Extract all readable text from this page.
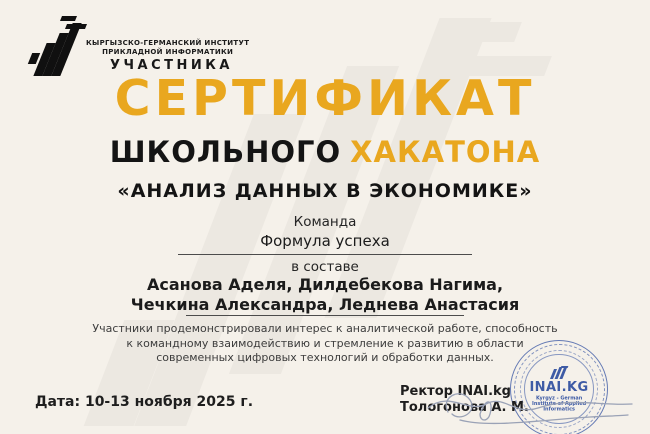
КЫРГЫЗСКО-ГЕРМАНСКИЙ ИНСТИТУТ
ПРИКЛАДНОЙ ИНФОРМАТИКИ
УЧАСТНИКА
СЕРТИФИКАТ
ШКОЛЬНОГО ХАКАТОНА
«АНАЛИЗ ДАННЫХ В ЭКОНОМИКЕ»
Команда
Формула успеха
в составе
Асанова Аделя, Дилдебекова Нагима,
Чечкина Александра, Леднева Анастасия
Участники продемонстрировали интерес к аналитической работе, способность
к командному взаимодействию и стремление к развитию в области
современных цифровых технологий и обработки данных.
Дата: 10-13 ноября 2025 г.
Ректор INAI.kg
Тологонова А. М.
INAI.KG
Kyrgyz - German
Institute of Applied
Informatics
